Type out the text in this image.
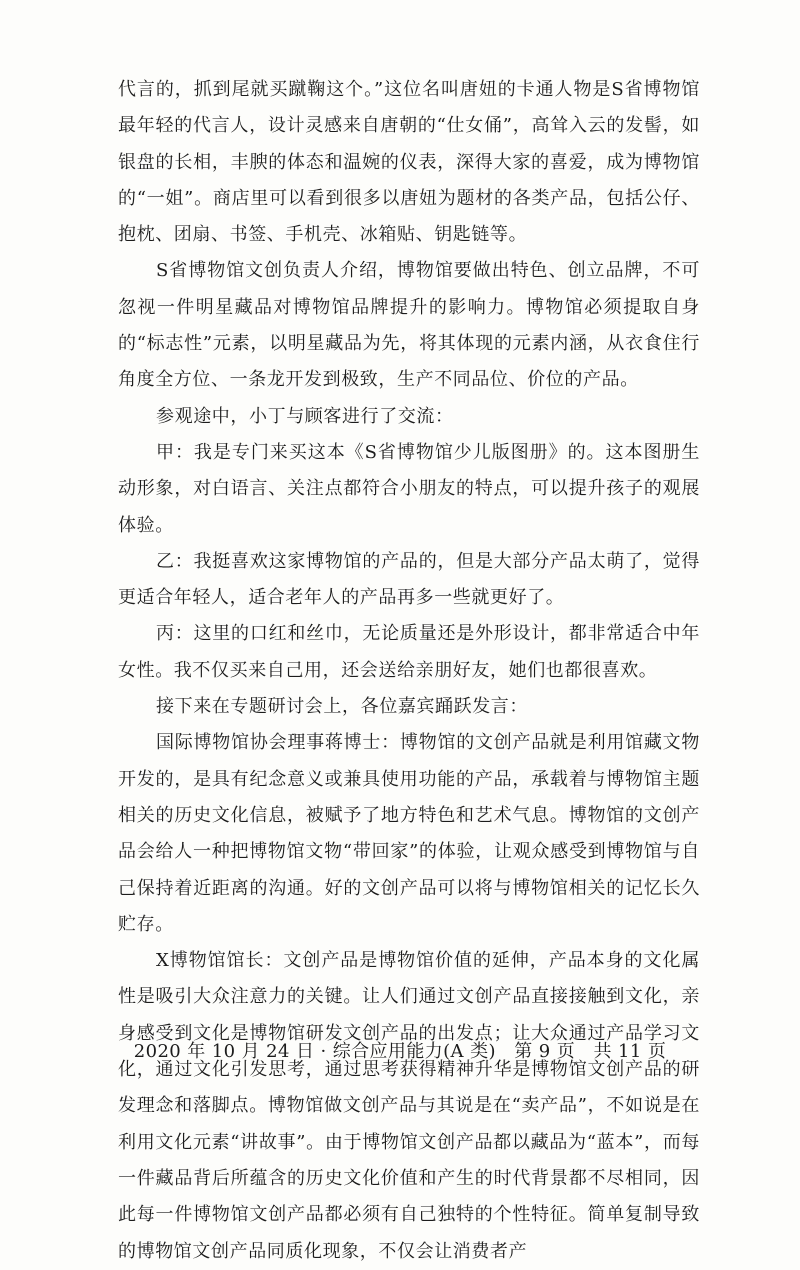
代言的，抓到尾就买蹴鞠这个。”这位名叫唐妞的卡通人物是S省博物馆最年轻的代言人，设计灵感来自唐朝的“仕女俑”，高耸入云的发髻，如银盘的长相，丰腴的体态和温婉的仪表，深得大家的喜爱，成为博物馆的“一姐”。商店里可以看到很多以唐妞为题材的各类产品，包括公仔、抱枕、团扇、书签、手机壳、冰箱贴、钥匙链等。

S省博物馆文创负责人介绍，博物馆要做出特色、创立品牌，不可忽视一件明星藏品对博物馆品牌提升的影响力。博物馆必须提取自身的“标志性”元素，以明星藏品为先，将其体现的元素内涵，从衣食住行角度全方位、一条龙开发到极致，生产不同品位、价位的产品。

参观途中，小丁与顾客进行了交流：

甲：我是专门来买这本《S省博物馆少儿版图册》的。这本图册生动形象，对白语言、关注点都符合小朋友的特点，可以提升孩子的观展体验。

乙：我挺喜欢这家博物馆的产品的，但是大部分产品太萌了，觉得更适合年轻人，适合老年人的产品再多一些就更好了。

丙：这里的口红和丝巾，无论质量还是外形设计，都非常适合中年女性。我不仅买来自己用，还会送给亲朋好友，她们也都很喜欢。

接下来在专题研讨会上，各位嘉宾踊跃发言：

国际博物馆协会理事蒋博士：博物馆的文创产品就是利用馆藏文物开发的，是具有纪念意义或兼具使用功能的产品，承载着与博物馆主题相关的历史文化信息，被赋予了地方特色和艺术气息。博物馆的文创产品会给人一种把博物馆文物“带回家”的体验，让观众感受到博物馆与自己保持着近距离的沟通。好的文创产品可以将与博物馆相关的记忆长久贮存。

X博物馆馆长：文创产品是博物馆价值的延伸，产品本身的文化属性是吸引大众注意力的关键。让人们通过文创产品直接接触到文化，亲身感受到文化是博物馆研发文创产品的出发点；让大众通过产品学习文化，通过文化引发思考，通过思考获得精神升华是博物馆文创产品的研发理念和落脚点。博物馆做文创产品与其说是在“卖产品”，不如说是在利用文化元素“讲故事”。由于博物馆文创产品都以藏品为“蓝本”，而每一件藏品背后所蕴含的历史文化价值和产生的时代背景都不尽相同，因此每一件博物馆文创产品都必须有自己独特的个性特征。简单复制导致的博物馆文创产品同质化现象，不仅会让消费者产

2020 年 10 月 24 日 · 综合应用能力(A 类)   第 9 页   共 11 页
